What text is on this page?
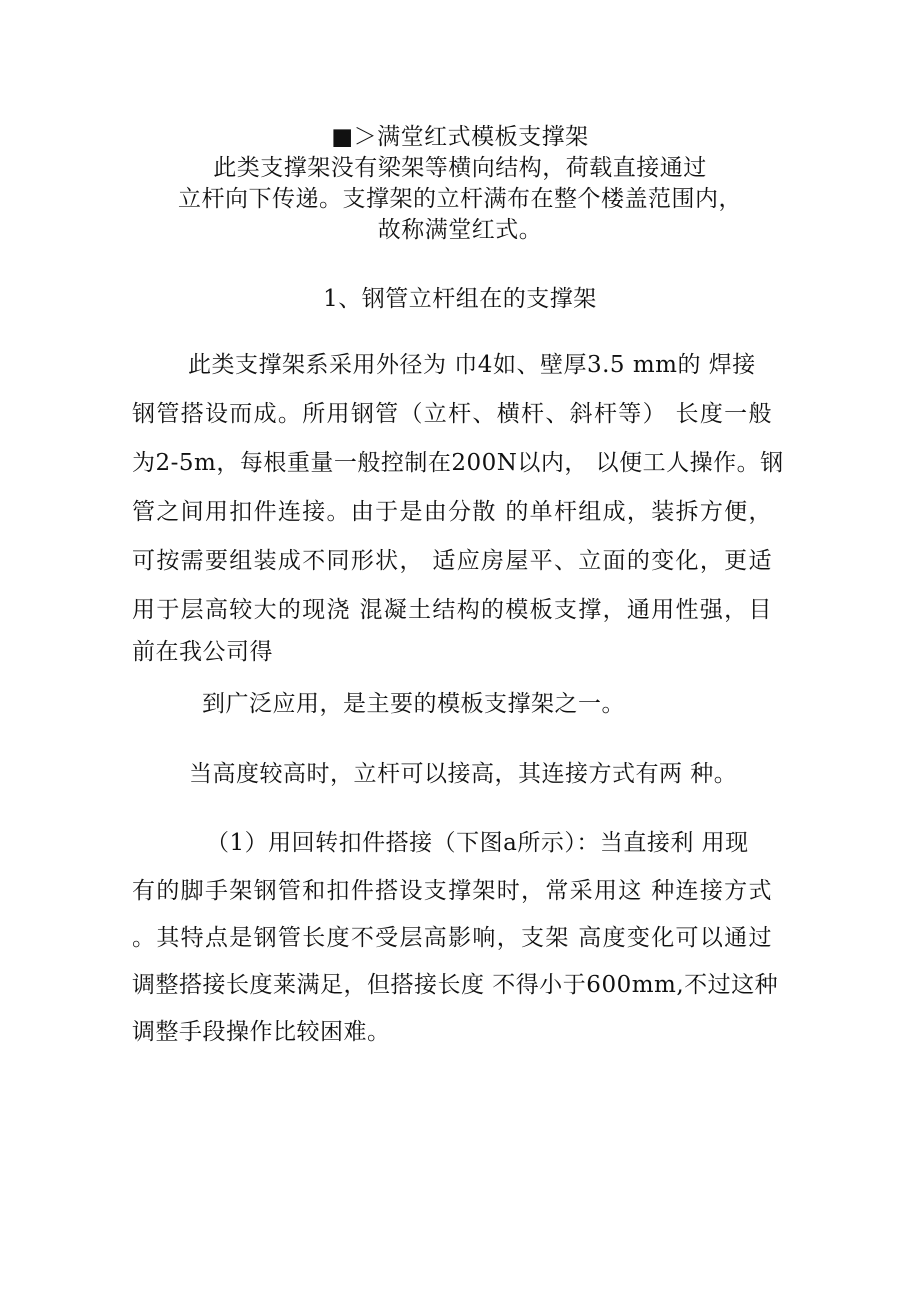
■＞满堂红式模板支撑架
此类支撑架没有梁架等横向结构，荷载直接通过
立杆向下传递。支撑架的立杆满布在整个楼盖范围内，
故称满堂红式。
1、钢管立杆组在的支撑架
此类支撑架系采用外径为 巾4如、壁厚3.5 mm的 焊接
钢管搭设而成。所用钢管（立杆、横杆、斜杆等） 长度一般
为2-5m，每根重量一般控制在200N以内， 以便工人操作。钢
管之间用扣件连接。由于是由分散 的单杆组成，装拆方便，
可按需要组装成不同形状， 适应房屋平、立面的变化，更适
用于层高较大的现浇 混凝土结构的模板支撑，通用性强，目
前在我公司得
到广泛应用，是主要的模板支撑架之一。
当高度较高时，立杆可以接高，其连接方式有两 种。
（1）用回转扣件搭接（下图a所示）：当直接利 用现
有的脚手架钢管和扣件搭设支撑架时，常采用这 种连接方式
。其特点是钢管长度不受层高影响，支架 高度变化可以通过
调整搭接长度莱满足，但搭接长度 不得小于600mm,不过这种
调整手段操作比较困难。
